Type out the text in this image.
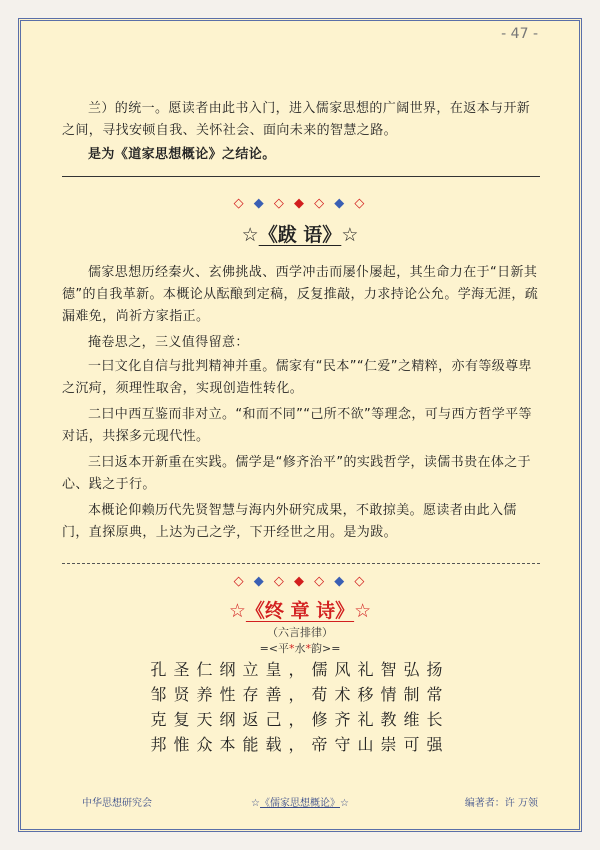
- 47 -
兰）的统一。愿读者由此书入门，进入儒家思想的广阔世界，在返本与开新之间，寻找安顿自我、关怀社会、面向未来的智慧之路。
是为《道家思想概论》之结论。
◇ ◆ ◇ ◆ ◇ ◆ ◇
☆《跋 语》☆
儒家思想历经秦火、玄佛挑战、西学冲击而屡仆屡起，其生命力在于“日新其德”的自我革新。本概论从酝酿到定稿，反复推敲，力求持论公允。学海无涯，疏漏难免，尚祈方家指正。
掩卷思之，三义值得留意：
一曰文化自信与批判精神并重。儒家有“民本”“仁爱”之精粹，亦有等级尊卑之沉疴，须理性取舍，实现创造性转化。
二曰中西互鉴而非对立。“和而不同”“己所不欲”等理念，可与西方哲学平等对话，共探多元现代性。
三曰返本开新重在实践。儒学是“修齐治平”的实践哲学，读儒书贵在体之于心、践之于行。
本概论仰赖历代先贤智慧与海内外研究成果，不敢掠美。愿读者由此入儒门，直探原典，上达为己之学，下开经世之用。是为跋。
◇ ◆ ◇ ◆ ◇ ◆ ◇
☆《终 章 诗》☆
（六言排律）
=<平*水*韵>=
孔圣仁纲立皇，儒风礼智弘扬
邹贤养性存善，荀术移情制常
克复天纲返己，修齐礼教维长
邦惟众本能载，帝守山崇可强
中华思想研究会	☆《儒家思想概论》☆	编著者：许 万领
